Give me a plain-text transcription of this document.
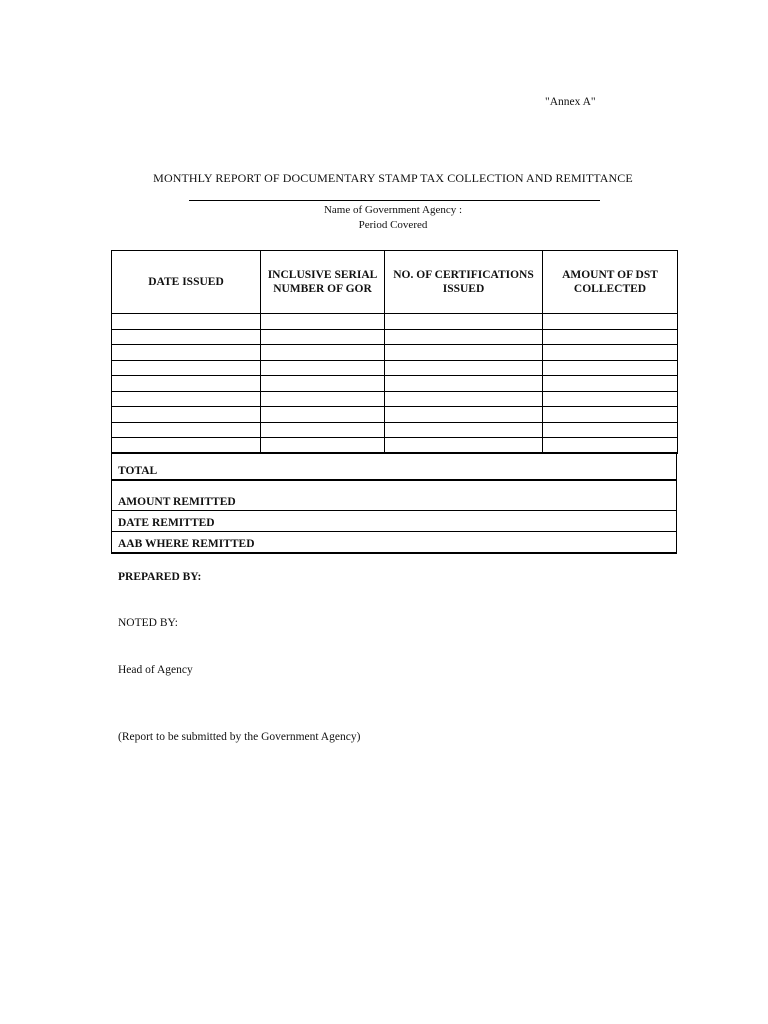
"Annex A"
MONTHLY REPORT OF DOCUMENTARY STAMP TAX COLLECTION AND REMITTANCE
Name of Government Agency :
Period Covered
DATE ISSUED	INCLUSIVE SERIAL NUMBER OF GOR	NO. OF CERTIFICATIONS ISSUED	AMOUNT OF DST COLLECTED

TOTAL
AMOUNT REMITTED
DATE REMITTED
AAB WHERE REMITTED
PREPARED BY:
NOTED BY:
Head of Agency
(Report to be submitted by the Government Agency)
